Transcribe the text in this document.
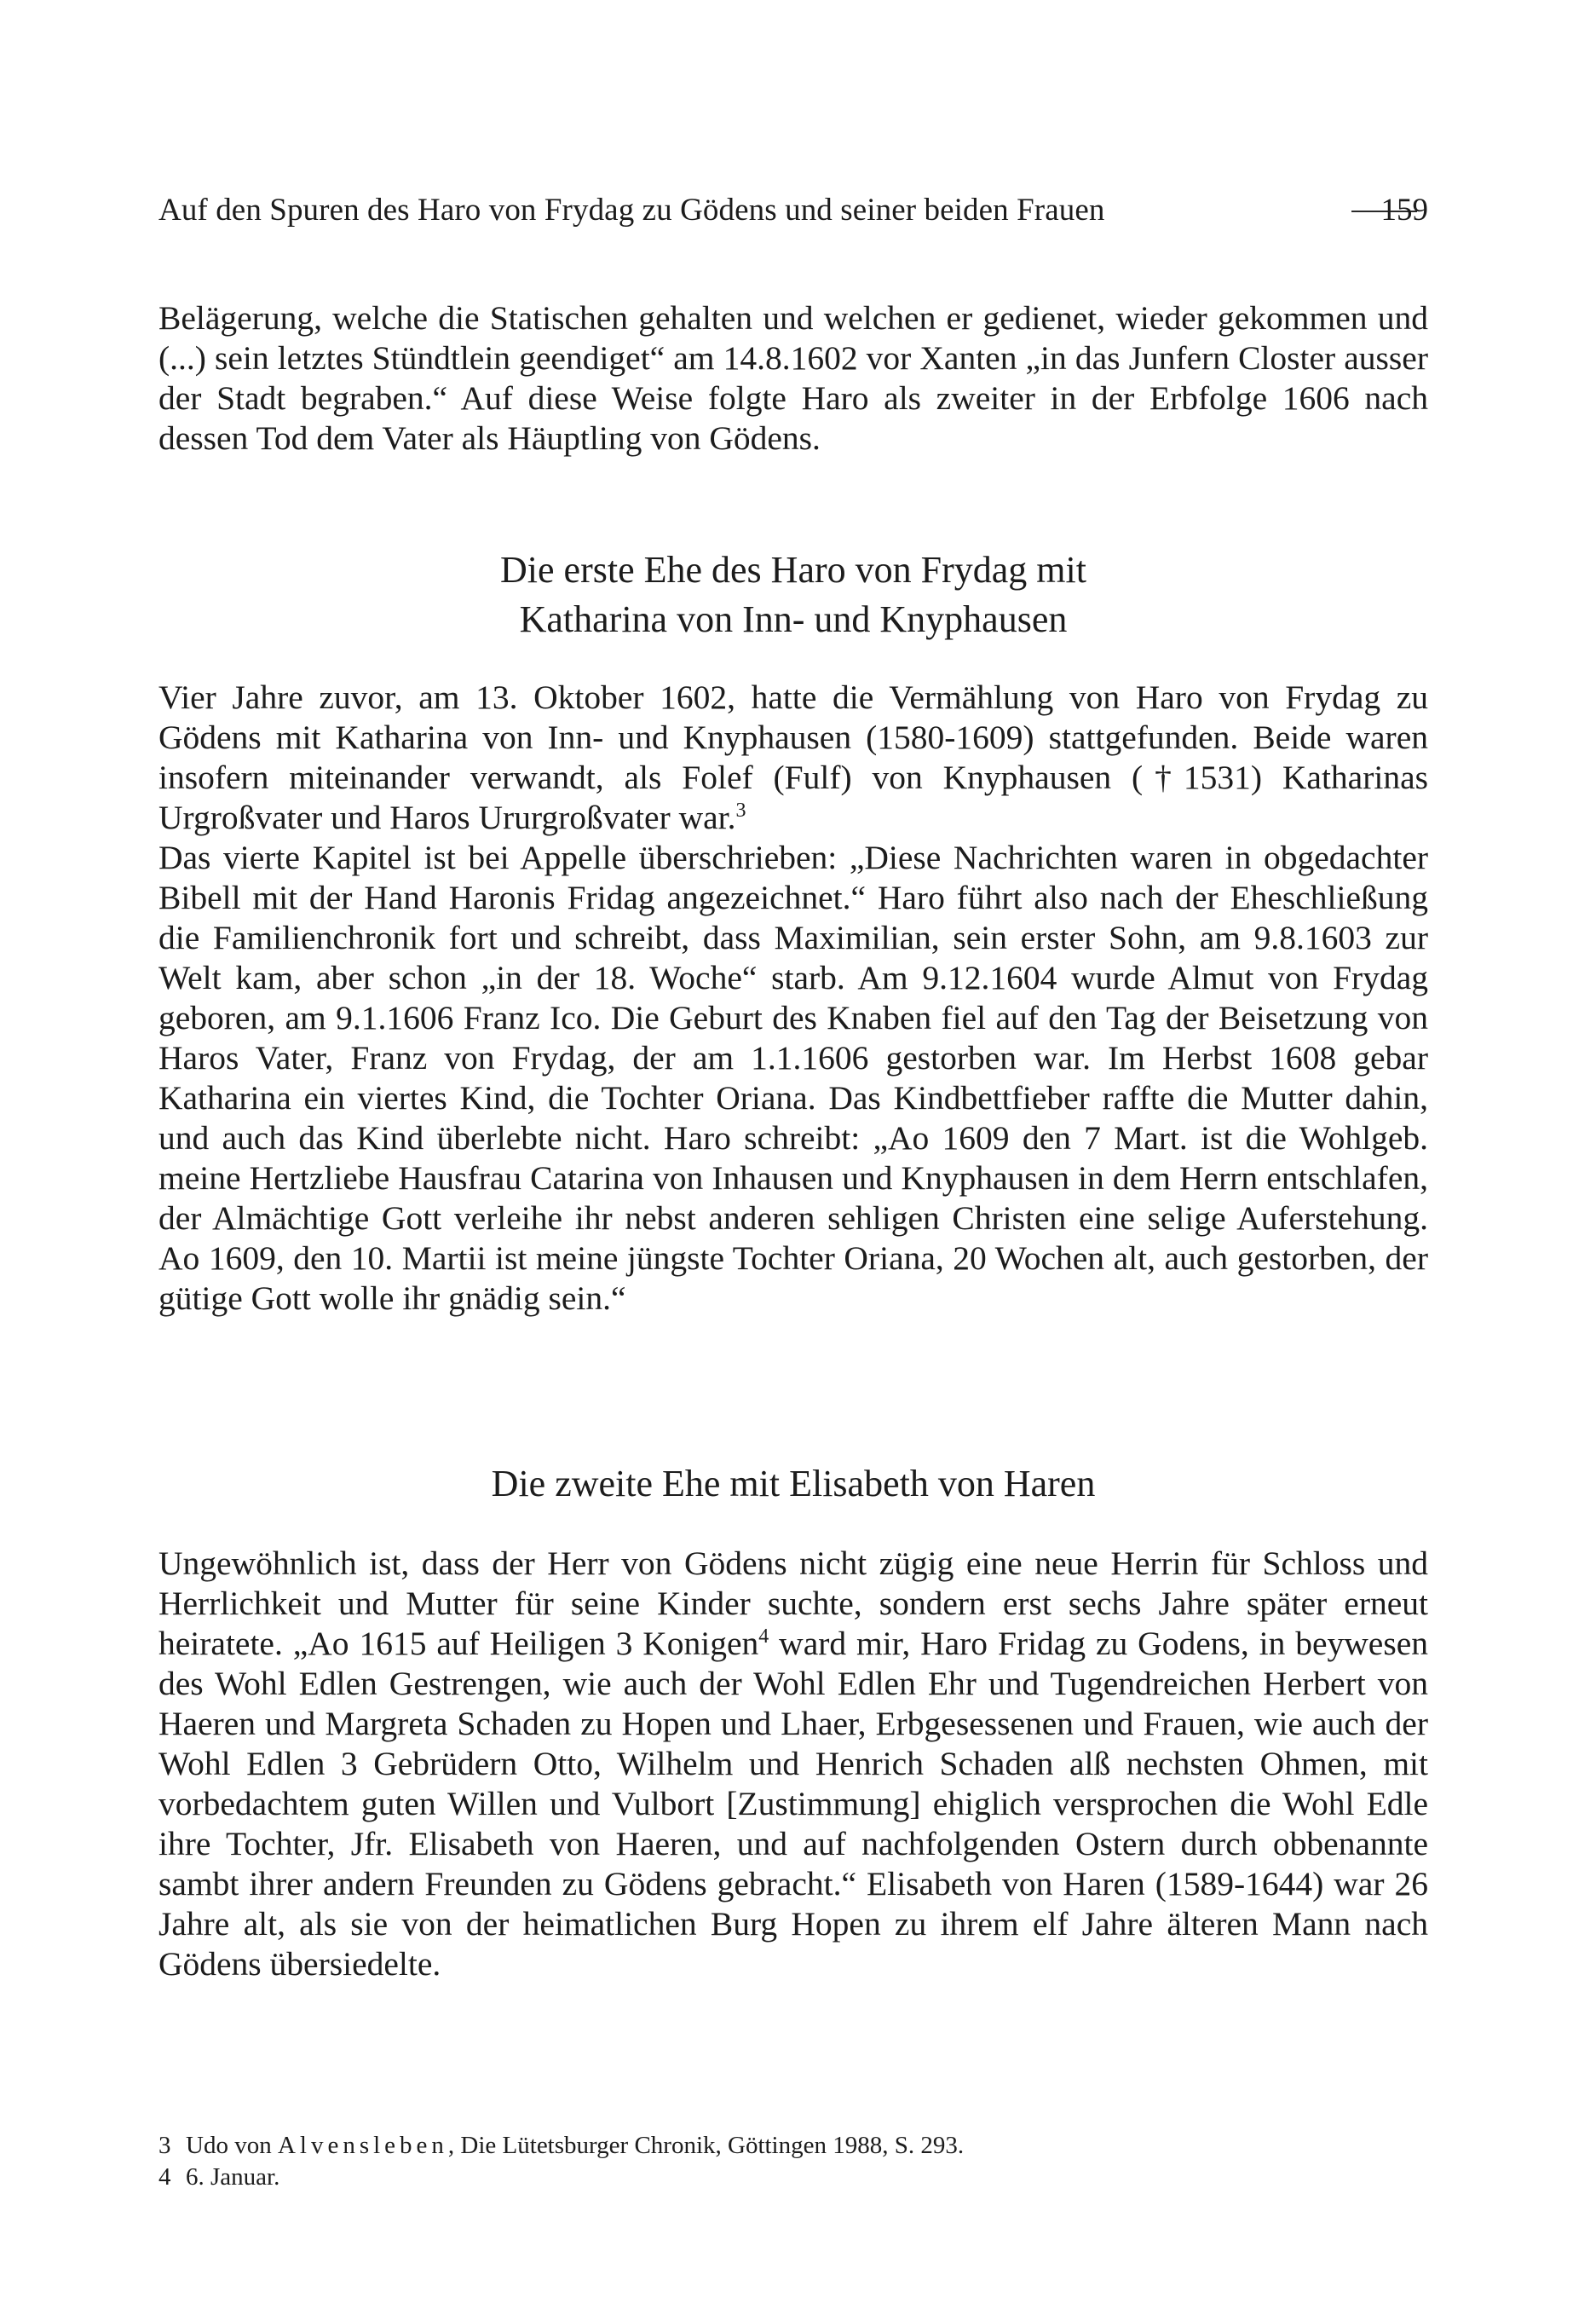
Auf den Spuren des Haro von Frydag zu Gödens und seiner beiden Frauen	159

Belägerung, welche die Statischen gehalten und welchen er gedienet, wieder gekommen und (...) sein letztes Stündtlein geendiget“ am 14.8.1602 vor Xanten „in das Junfern Closter ausser der Stadt begraben.“ Auf diese Weise folgte Haro als zweiter in der Erbfolge 1606 nach dessen Tod dem Vater als Häuptling von Gödens.

Die erste Ehe des Haro von Frydag mit
Katharina von Inn- und Knyphausen

Vier Jahre zuvor, am 13. Oktober 1602, hatte die Vermählung von Haro von Frydag zu Gödens mit Katharina von Inn- und Knyphausen (1580-1609) stattgefunden. Beide waren insofern miteinander verwandt, als Folef (Fulf) von Knyphausen (†1531) Katharinas Urgroßvater und Haros Ururgroßvater war.$^3$

Das vierte Kapitel ist bei Appelle überschrieben: „Diese Nachrichten waren in obgedachter Bibell mit der Hand Haronis Fridag angezeichnet.“ Haro führt also nach der Eheschließung die Familienchronik fort und schreibt, dass Maximilian, sein erster Sohn, am 9.8.1603 zur Welt kam, aber schon „in der 18. Woche“ starb. Am 9.12.1604 wurde Almut von Frydag geboren, am 9.1.1606 Franz Ico. Die Geburt des Knaben fiel auf den Tag der Beisetzung von Haros Vater, Franz von Frydag, der am 1.1.1606 gestorben war. Im Herbst 1608 gebar Katharina ein viertes Kind, die Tochter Oriana. Das Kindbettfieber raffte die Mutter dahin, und auch das Kind überlebte nicht. Haro schreibt: „Ao 1609 den 7 Mart. ist die Wohlgeb. meine Hertzliebe Hausfrau Catarina von Inhausen und Knyphausen in dem Herrn entschlafen, der Almächtige Gott verleihe ihr nebst anderen sehligen Christen eine selige Auferstehung. Ao 1609, den 10. Martii ist meine jüngste Tochter Oriana, 20 Wochen alt, auch gestorben, der gütige Gott wolle ihr gnädig sein.“

Die zweite Ehe mit Elisabeth von Haren

Ungewöhnlich ist, dass der Herr von Gödens nicht zügig eine neue Herrin für Schloss und Herrlichkeit und Mutter für seine Kinder suchte, sondern erst sechs Jahre später erneut heiratete. „Ao 1615 auf Heiligen 3 Konigen$^4$ ward mir, Haro Fridag zu Godens, in beywesen des Wohl Edlen Gestrengen, wie auch der Wohl Edlen Ehr und Tugendreichen Herbert von Haeren und Margreta Schaden zu Hopen und Lhaer, Erbgesessenen und Frauen, wie auch der Wohl Edlen 3 Gebrüdern Otto, Wilhelm und Henrich Schaden alß nechsten Ohmen, mit vorbedachtem guten Willen und Vulbort [Zustimmung] ehiglich versprochen die Wohl Edle ihre Tochter, Jfr. Elisabeth von Haeren, und auf nachfolgenden Ostern durch obbenannte sambt ihrer andern Freunden zu Gödens gebracht.“ Elisabeth von Haren (1589-1644) war 26 Jahre alt, als sie von der heimatlichen Burg Hopen zu ihrem elf Jahre älteren Mann nach Gödens übersiedelte.

3 Udo von Alvensleben, Die Lütetsburger Chronik, Göttingen 1988, S. 293.

4 6. Januar.
